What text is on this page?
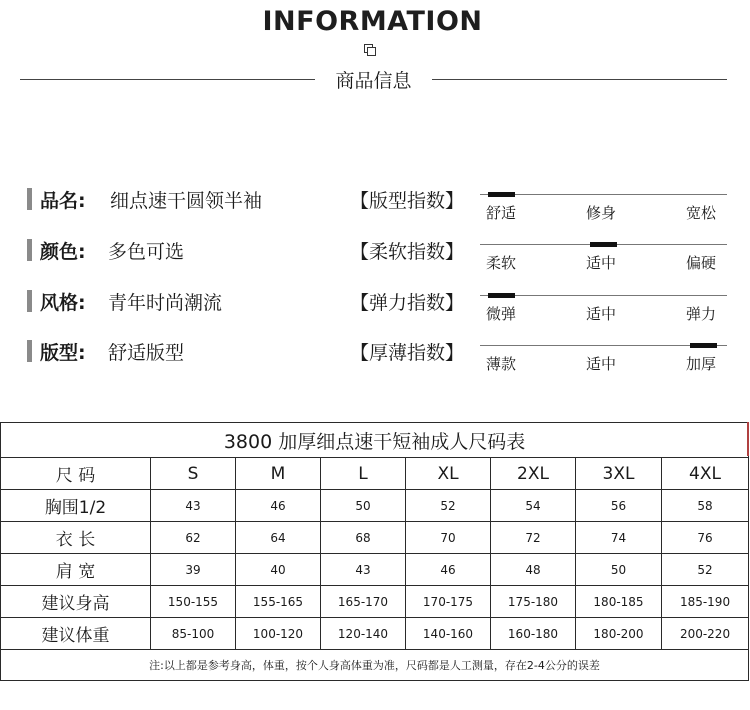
INFORMATION
商品信息
品名: 细点速干圆领半袖
颜色: 多色可选
风格: 青年时尚潮流
版型: 舒适版型
【版型指数】
【柔软指数】
【弹力指数】
【厚薄指数】
舒适	修身	宽松
柔软	适中	偏硬
微弹	适中	弹力
薄款	适中	加厚
3800 加厚细点速干短袖成人尺码表							
尺 码	S	M	L	XL	2XL	3XL	4XL
胸围1/2	43	46	50	52	54	56	58
衣 长	62	64	68	70	72	74	76
肩 宽	39	40	43	46	48	50	52
建议身高	150-155	155-165	165-170	170-175	175-180	180-185	185-190
建议体重	85-100	100-120	120-140	140-160	160-180	180-200	200-220
注:以上都是参考身高，体重，按个人身高体重为准，尺码都是人工测量，存在2-4公分的误差							
